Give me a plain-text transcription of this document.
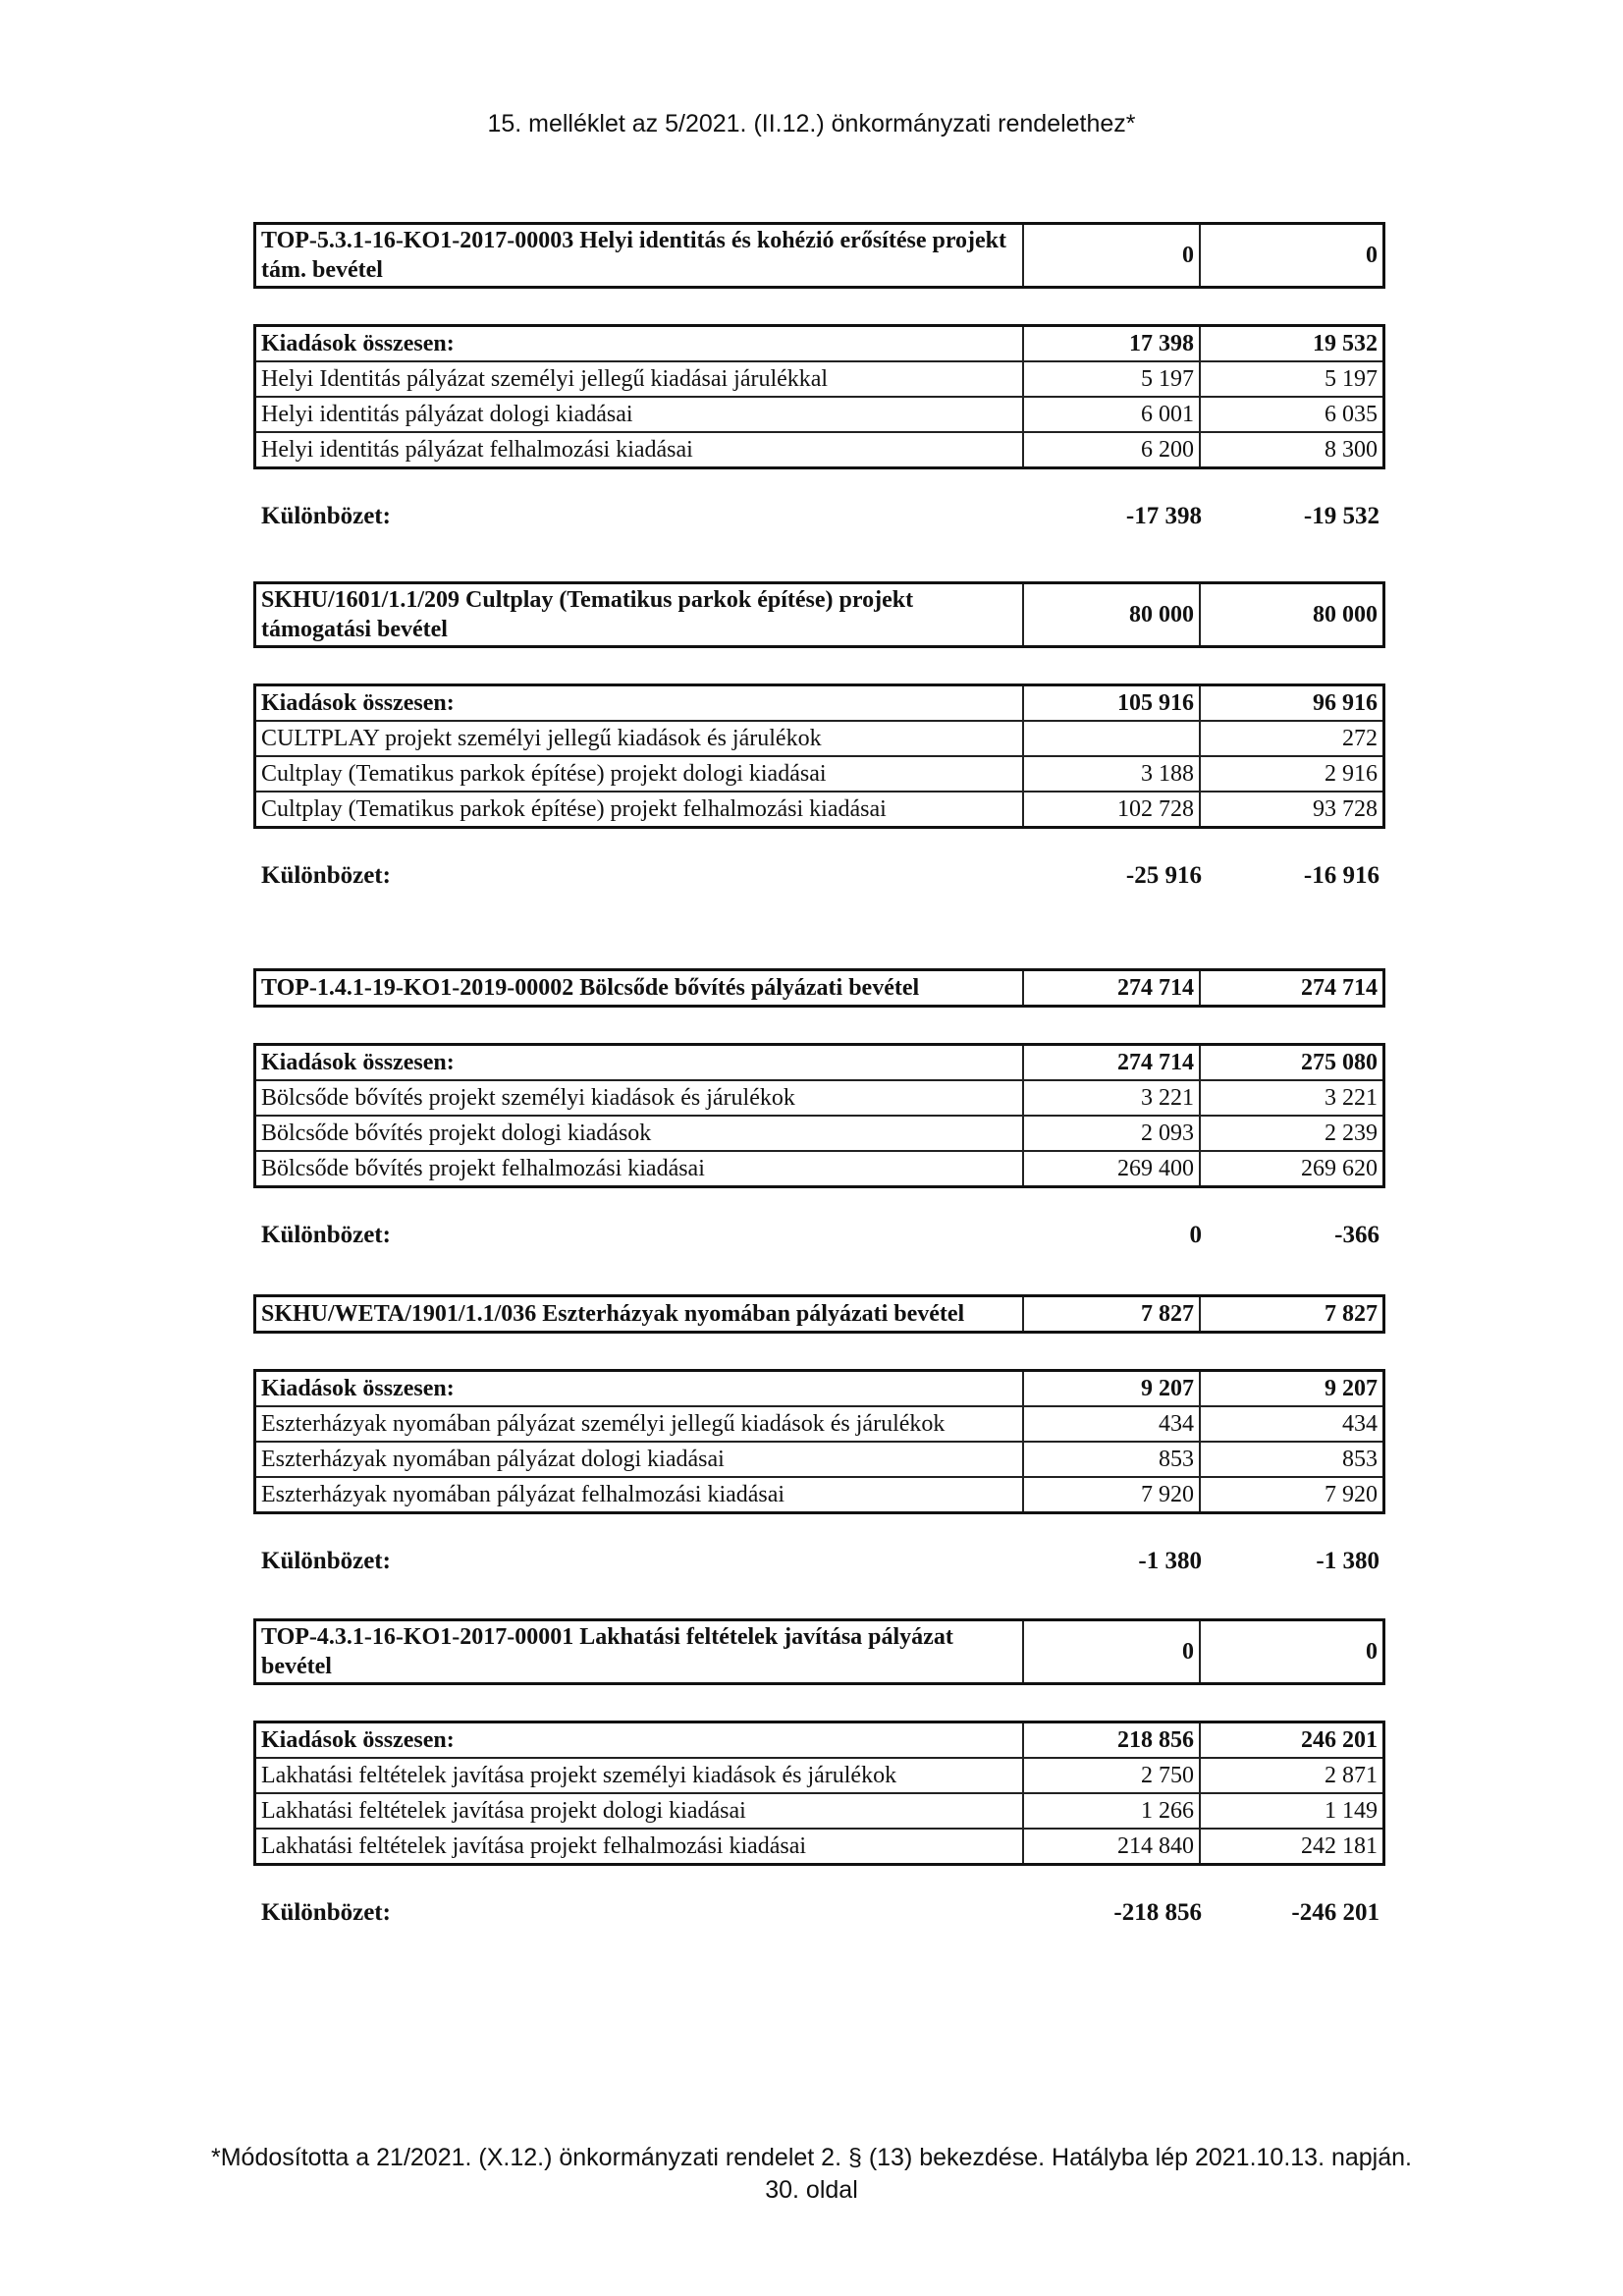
15. melléklet az 5/2021. (II.12.) önkormányzati rendelethez*
TOP-5.3.1-16-KO1-2017-00003 Helyi identitás és kohézió erősítése projekt tám. bevétel	0	0
Kiadások összesen:	17 398	19 532
Helyi Identitás pályázat személyi jellegű kiadásai járulékkal	5 197	5 197
Helyi identitás pályázat dologi kiadásai	6 001	6 035
Helyi identitás pályázat felhalmozási kiadásai	6 200	8 300
Különbözet:	-17 398	-19 532
SKHU/1601/1.1/209 Cultplay (Tematikus parkok építése) projekt támogatási bevétel	80 000	80 000
Kiadások összesen:	105 916	96 916
CULTPLAY projekt személyi jellegű kiadások és járulékok		272
Cultplay (Tematikus parkok építése) projekt dologi kiadásai	3 188	2 916
Cultplay (Tematikus parkok építése) projekt felhalmozási kiadásai	102 728	93 728
Különbözet:	-25 916	-16 916
TOP-1.4.1-19-KO1-2019-00002 Bölcsőde bővítés pályázati bevétel	274 714	274 714
Kiadások összesen:	274 714	275 080
Bölcsőde bővítés projekt személyi kiadások és járulékok	3 221	3 221
Bölcsőde bővítés projekt dologi kiadások	2 093	2 239
Bölcsőde bővítés projekt felhalmozási kiadásai	269 400	269 620
Különbözet:	0	-366
SKHU/WETA/1901/1.1/036 Eszterházyak nyomában pályázati bevétel	7 827	7 827
Kiadások összesen:	9 207	9 207
Eszterházyak nyomában pályázat személyi jellegű kiadások és járulékok	434	434
Eszterházyak nyomában pályázat dologi kiadásai	853	853
Eszterházyak nyomában pályázat felhalmozási kiadásai	7 920	7 920
Különbözet:	-1 380	-1 380
TOP-4.3.1-16-KO1-2017-00001 Lakhatási feltételek javítása pályázat bevétel	0	0
Kiadások összesen:	218 856	246 201
Lakhatási feltételek javítása projekt személyi kiadások és járulékok	2 750	2 871
Lakhatási feltételek javítása projekt dologi kiadásai	1 266	1 149
Lakhatási feltételek javítása projekt felhalmozási kiadásai	214 840	242 181
Különbözet:	-218 856	-246 201
*Módosította a 21/2021. (X.12.) önkormányzati rendelet 2. § (13) bekezdése. Hatályba lép 2021.10.13. napján.
30. oldal
